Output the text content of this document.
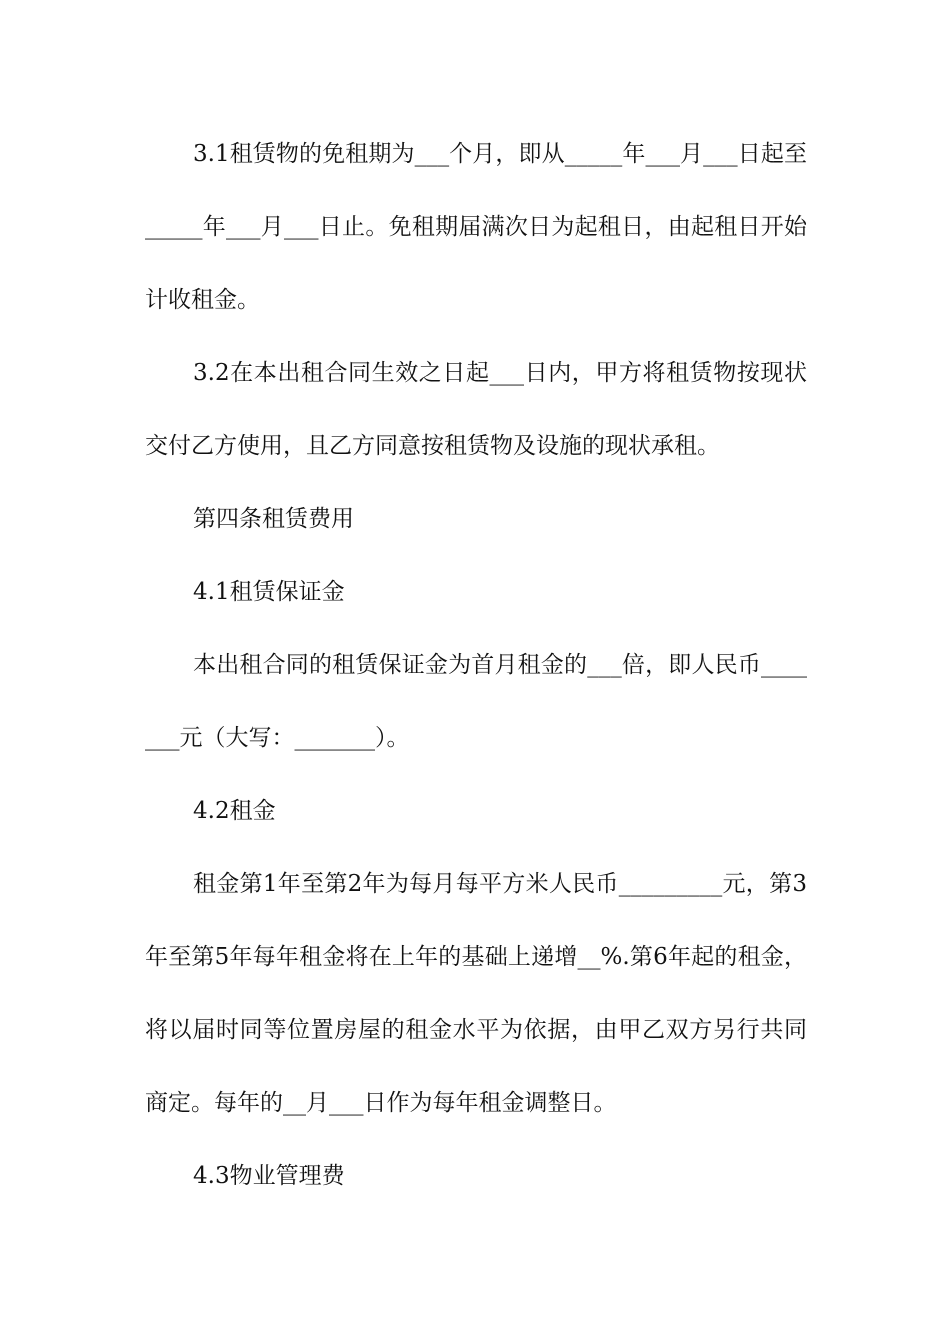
3.1租赁物的免租期为___个月，即从_____年___月___日起至_____年___月___日止。免租期届满次日为起租日，由起租日开始计收租金。

3.2在本出租合同生效之日起___日内，甲方将租赁物按现状交付乙方使用，且乙方同意按租赁物及设施的现状承租。

第四条租赁费用

4.1租赁保证金

本出租合同的租赁保证金为首月租金的___倍，即人民币_______元（大写：_______）。

4.2租金

租金第1年至第2年为每月每平方米人民币_________元，第3年至第5年每年租金将在上年的基础上递增__%.第6年起的租金，将以届时同等位置房屋的租金水平为依据，由甲乙双方另行共同商定。每年的__月___日作为每年租金调整日。

4.3物业管理费
